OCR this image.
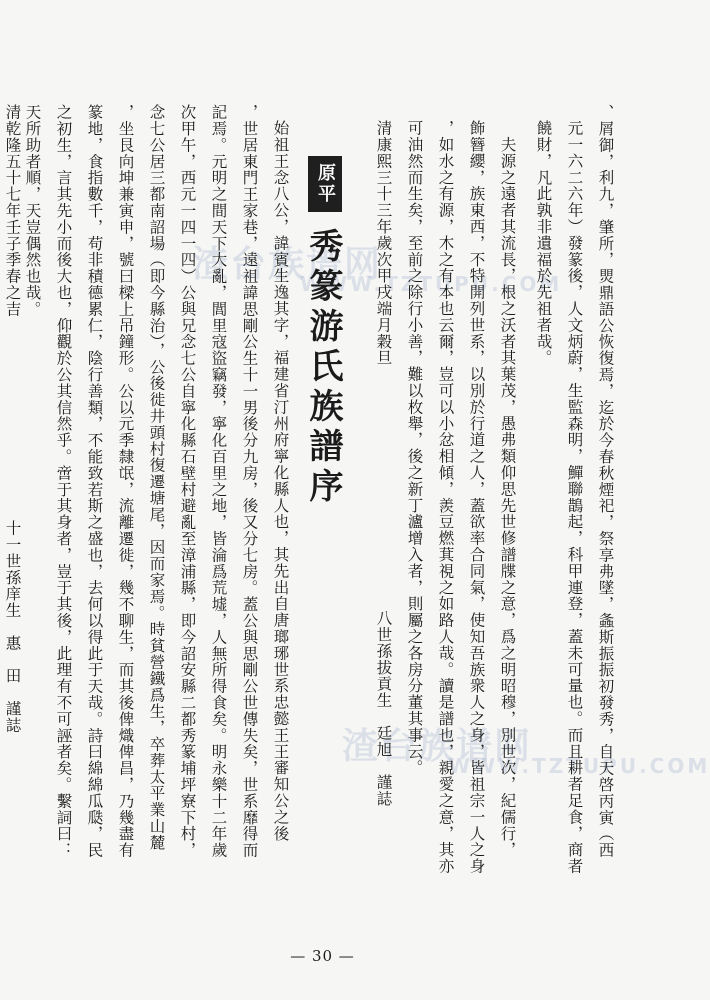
渣台族谱网
WWW.TZTUPU.COM
渣台族谱网
WWW.TZTUPU.COM
、屑御，利九，肇所，煛鼎語公恢復焉，迄於今春秋煙祀，祭享弗墜，螽斯振振初發秀，自天啓丙寅（西
元一六二六年）發篆後，人文炳蔚，生監森明，鱓聯鵲起，科甲連登，蓋未可量也。而且耕者足食，商者
饒財，凡此孰非遺福於先祖者哉。
　夫源之遠者其流長，根之沃者其葉茂，愚弗類仰思先世修譜牒之意，爲之明昭穆，別世次，紀儒行，
飾簪纓，族東西，不特開列世系，以別於行道之人，蓋欲率合同氣，使知吾族衆人之身，皆祖宗一人之身
，如水之有源，木之有本也云爾，豈可以小忿相傾，羨豆燃萁視之如路人哉。讀是譜也，親愛之意，其亦
可油然而生矣，至前之除行小善，難以枚舉，後之新丁瀘增入者，則屬之各房分董其事云。
清康熙三十三年歲次甲戌端月穀旦
八世孫拔貢生　廷旭　謹誌
原平
秀篆游氏族譜序
始祖王念八公，諱賓生逸其字，福建省汀州府寧化縣人也，其先出自唐瑯琊世系忠懿王王審知公之後
，世居東門王家巷，遠祖諱思剛公生十一男後分九房，後又分七房。蓋公與思剛公世傳失矣，世系靡得而
記焉。元明之間天下大亂，閭里寇盜竊發，寧化百里之地，皆淪爲荒墟，人無所得食矣。明永樂十二年歲
次甲午，西元一四一四）公與兄念七公自寧化縣石壁村避亂至漳浦縣，即今詔安縣二都秀篆埔坪寮下村，
念七公居三都南詔場（即今縣治），公後徙井頭村復遷塘尾，因而家焉。時貧營鐵爲生，卒葬太平業山麓
，坐艮向坤兼寅申，號曰樑上吊鐘形。公以元季隸氓，流離遷徙，幾不聊生，而其後俾熾俾昌，乃幾盡有
篆地，食指數千，苟非積德累仁，陰行善類，不能致若斯之盛也，去何以得此于天哉。詩曰綿綿瓜瓞，民
之初生，言其先小而後大也，仰觀於公其信然乎。啻于其身者，豈于其後，此理有不可誣者矣。繫詞曰：
天所助者順，天豈偶然也哉。
清乾隆五十七年壬子季春之吉
十一世孫庠生　惠　田　謹誌
— 30 —
